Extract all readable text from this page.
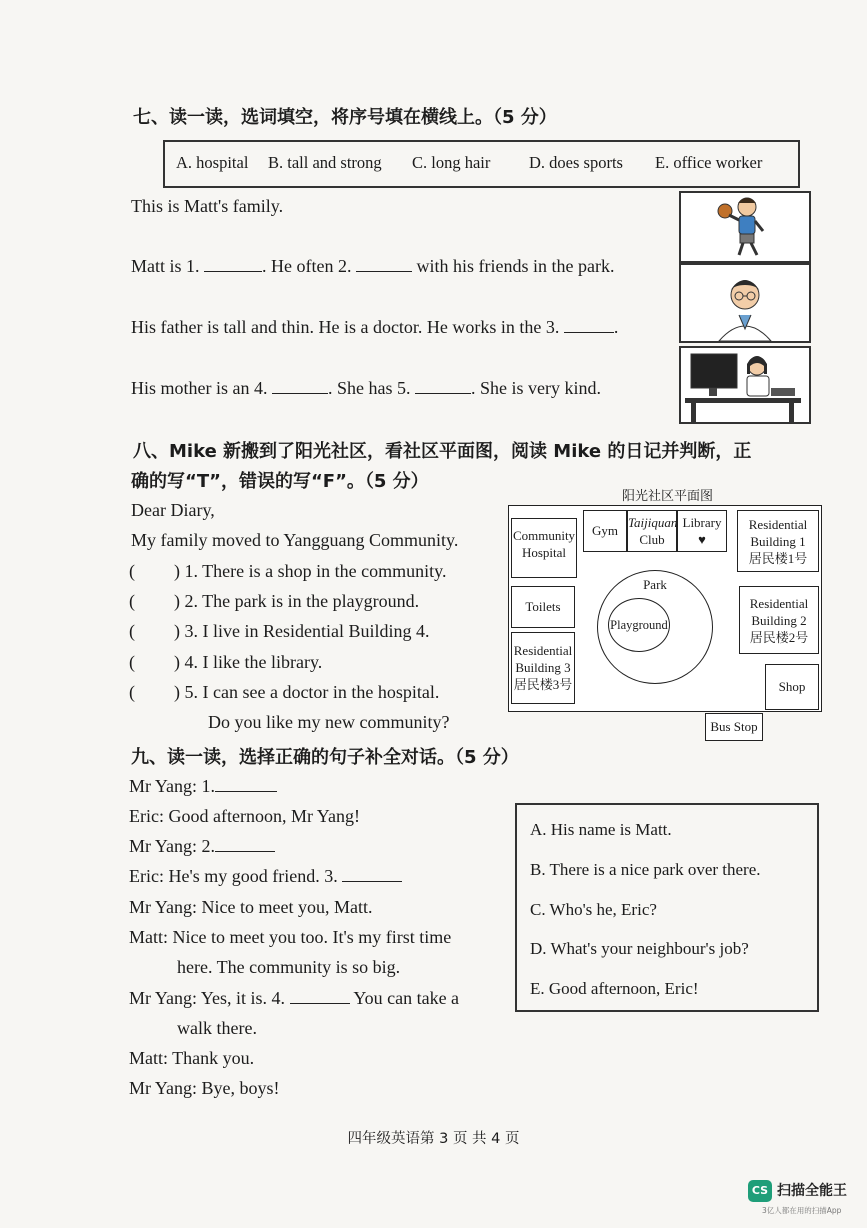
七、读一读，选词填空，将序号填在横线上。（5 分）
A. hospital B. tall and strong C. long hair D. does sports E. office worker
This is Matt's family.
Matt is 1.	. He often 2.	with his friends in the park.
His father is tall and thin. He is a doctor. He works in the 3.	.
His mother is an 4.	. She has 5.	. She is very kind.
八、Mike 新搬到了阳光社区，看社区平面图，阅读 Mike 的日记并判断，正
确的写“T”，错误的写“F”。（5 分）
Dear Diary,
My family moved to Yangguang Community.
( ) 1. There is a shop in the community.
( ) 2. The park is in the playground.
( ) 3. I live in Residential Building 4.
( ) 4. I like the library.
( ) 5. I can see a doctor in the hospital.
Do you like my new community?
阳光社区平面图
Community
Hospital
Gym
Taijiquan
Club
Library
♥
Residential
Building 1
居民楼1号
Toilets
Residential
Building 3
居民楼3号
Park
Playground
Residential
Building 2
居民楼2号
Shop
Bus Stop
九、读一读，选择正确的句子补全对话。（5 分）
Mr Yang: 1.
Eric: Good afternoon, Mr Yang!
Mr Yang: 2.
Eric: He's my good friend. 3.
Mr Yang: Nice to meet you, Matt.
Matt: Nice to meet you too. It's my first time
here. The community is so big.
Mr Yang: Yes, it is. 4.	You can take a
walk there.
Matt: Thank you.
Mr Yang: Bye, boys!
A. His name is Matt.
B. There is a nice park over there.
C. Who's he, Eric?
D. What's your neighbour's job?
E. Good afternoon, Eric!
四年级英语第 3 页 共 4 页
CS 扫描全能王
3亿人都在用的扫描App
